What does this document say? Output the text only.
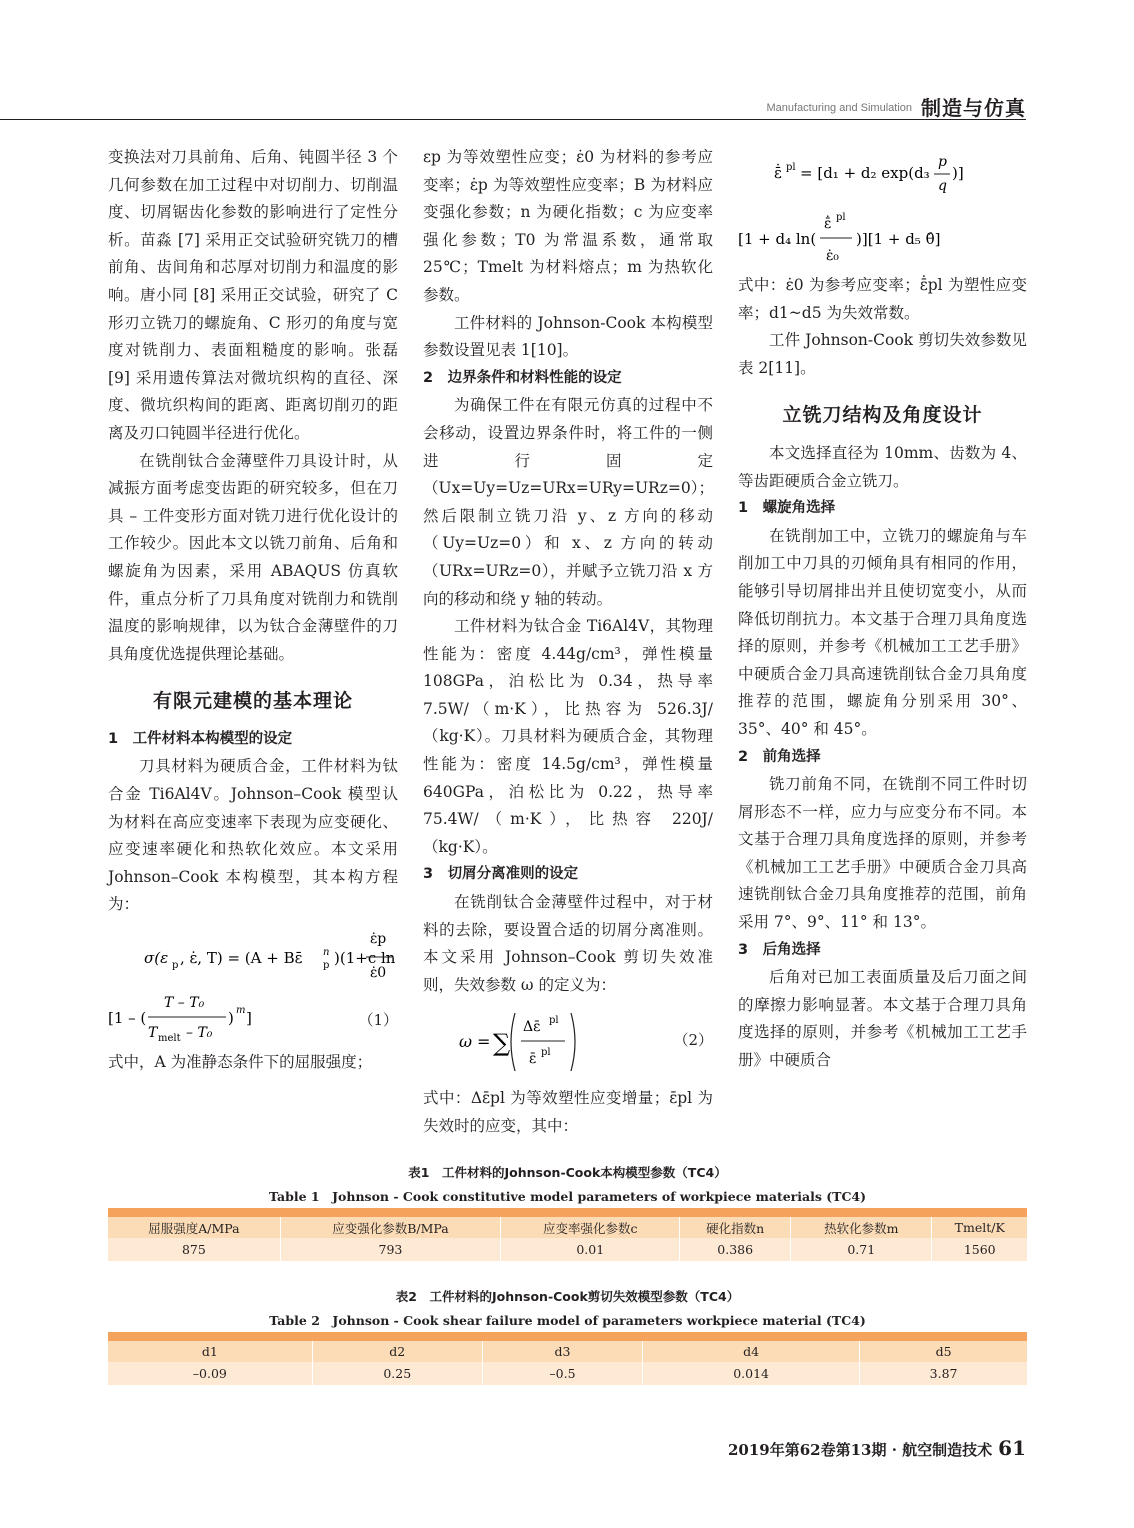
Manufacturing and Simulation 制造与仿真

变换法对刀具前角、后角、钝圆半径 3 个几何参数在加工过程中对切削力、切削温度、切屑锯齿化参数的影响进行了定性分析。苗淼 [7] 采用正交试验研究铣刀的槽前角、齿间角和芯厚对切削力和温度的影响。唐小同 [8] 采用正交试验，研究了 C 形刃立铣刀的螺旋角、C 形刃的角度与宽度对铣削力、表面粗糙度的影响。张磊 [9] 采用遗传算法对微坑织构的直径、深度、微坑织构间的距离、距离切削刃的距离及刃口钝圆半径进行优化。

在铣削钛合金薄壁件刀具设计时，从减振方面考虑变齿距的研究较多，但在刀具 – 工件变形方面对铣刀进行优化设计的工作较少。因此本文以铣刀前角、后角和螺旋角为因素，采用 ABAQUS 仿真软件，重点分析了刀具角度对铣削力和铣削温度的影响规律，以为钛合金薄壁件的刀具角度优选提供理论基础。

有限元建模的基本理论
1　工件材料本构模型的设定

刀具材料为硬质合金，工件材料为钛合金 Ti6Al4V。Johnson–Cook 模型认为材料在高应变速率下表现为应变硬化、应变速率硬化和热软化效应。本文采用 Johnson–Cook 本构模型，其本构方程为：

σ(ε p , ε̇, T) = (A + Bε̄ n
p )(1+c ln
ε̇p
ε̇0
[1 – (
T – T₀
T melt – T₀
) m ]	（1）

式中，A 为准静态条件下的屈服强度；

εp 为等效塑性应变；ε̇0 为材料的参考应变率；ε̇p 为等效塑性应变率；B 为材料应变强化参数；n 为硬化指数；c 为应变率强化参数；T0 为常温系数，通常取 25℃；Tmelt 为材料熔点；m 为热软化参数。

工件材料的 Johnson-Cook 本构模型参数设置见表 1[10]。

2　边界条件和材料性能的设定

为确保工件在有限元仿真的过程中不会移动，设置边界条件时，将工件的一侧进行固定（Ux=Uy=Uz=URx=URy=URz=0）；然后限制立铣刀沿 y、z 方向的移动（Uy=Uz=0）和 x、z 方向的转动（URx=URz=0），并赋予立铣刀沿 x 方向的移动和绕 y 轴的转动。

工件材料为钛合金 Ti6Al4V，其物理性能为：密度 4.44g/cm³，弹性模量 108GPa，泊松比为 0.34，热导率 7.5W/（m·K），比热容为 526.3J/（kg·K）。刀具材料为硬质合金，其物理性能为：密度 14.5g/cm³，弹性模量 640GPa，泊松比为 0.22，热导率 75.4W/（m·K），比热容 220J/（kg·K）。

3　切屑分离准则的设定

在铣削钛合金薄壁件过程中，对于材料的去除，要设置合适的切屑分离准则。本文采用 Johnson–Cook 剪切失效准则，失效参数 ω 的定义为：

ω = ∑
Δε̄ pl
ε̄ pl
（2）

式中：Δε̄pl 为等效塑性应变增量；ε̄pl 为失效时的应变，其中：

ε̄̇ pl = [d₁ + d₂ exp(d₃
p
q
)]
[1 + d₄ ln(
ε̄̇ pl
ε̇₀
)][1 + d₅ θ̂]

式中：ε̇0 为参考应变率；ε̄̇pl 为塑性应变率；d1~d5 为失效常数。

工件 Johnson-Cook 剪切失效参数见表 2[11]。

立铣刀结构及角度设计

本文选择直径为 10mm、齿数为 4、等齿距硬质合金立铣刀。

1　螺旋角选择

在铣削加工中，立铣刀的螺旋角与车削加工中刀具的刃倾角具有相同的作用，能够引导切屑排出并且使切宽变小，从而降低切削抗力。本文基于合理刀具角度选择的原则，并参考《机械加工工艺手册》中硬质合金刀具高速铣削钛合金刀具角度推荐的范围，螺旋角分别采用 30°、35°、40° 和 45°。

2　前角选择

铣刀前角不同，在铣削不同工件时切屑形态不一样，应力与应变分布不同。本文基于合理刀具角度选择的原则，并参考《机械加工工艺手册》中硬质合金刀具高速铣削钛合金刀具角度推荐的范围，前角采用 7°、9°、11° 和 13°。

3　后角选择

后角对已加工表面质量及后刀面之间的摩擦力影响显著。本文基于合理刀具角度选择的原则，并参考《机械加工工艺手册》中硬质合

表1　工件材料的Johnson-Cook本构模型参数（TC4）
Table 1　Johnson - Cook constitutive model parameters of workpiece materials (TC4)

屈服强度A/MPa	应变强化参数B/MPa	应变率强化参数c	硬化指数n	热软化参数m	Tmelt/K
875	793	0.01	0.386	0.71	1560
表2　工件材料的Johnson-Cook剪切失效模型参数（TC4）
Table 2　Johnson - Cook shear failure model of parameters workpiece material (TC4)

d1	d2	d3	d4	d5
–0.09	0.25	–0.5	0.014	3.87
2019年第62卷第13期 · 航空制造技术 61
